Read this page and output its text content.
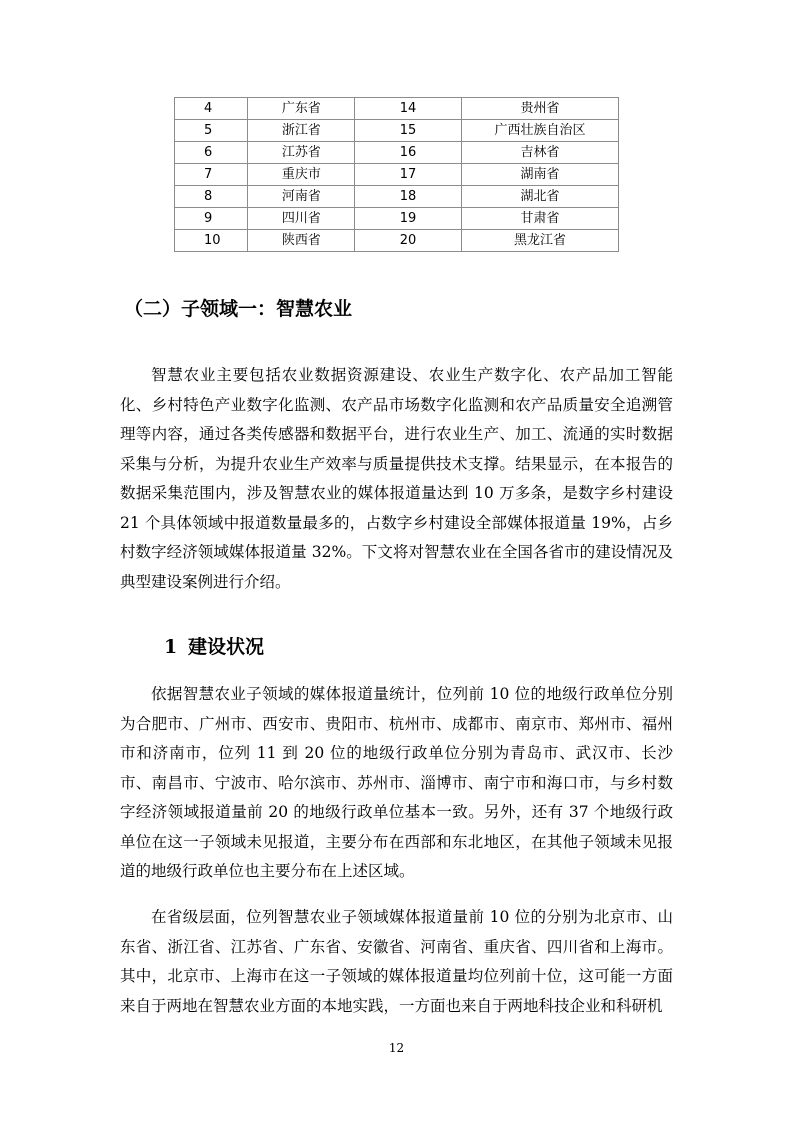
4	广东省	14	贵州省
5	浙江省	15	广西壮族自治区
6	江苏省	16	吉林省
7	重庆市	17	湖南省
8	河南省	18	湖北省
9	四川省	19	甘肃省
10	陕西省	20	黑龙江省
（二）子领域一：智慧农业

智慧农业主要包括农业数据资源建设、农业生产数字化、农产品加工智能化、乡村特色产业数字化监测、农产品市场数字化监测和农产品质量安全追溯管理等内容，通过各类传感器和数据平台，进行农业生产、加工、流通的实时数据采集与分析，为提升农业生产效率与质量提供技术支撑。结果显示，在本报告的数据采集范围内，涉及智慧农业的媒体报道量达到 10 万多条，是数字乡村建设 21 个具体领域中报道数量最多的，占数字乡村建设全部媒体报道量 19%，占乡村数字经济领域媒体报道量 32%。下文将对智慧农业在全国各省市的建设情况及典型建设案例进行介绍。

1 建设状况

依据智慧农业子领域的媒体报道量统计，位列前 10 位的地级行政单位分别为合肥市、广州市、西安市、贵阳市、杭州市、成都市、南京市、郑州市、福州市和济南市，位列 11 到 20 位的地级行政单位分别为青岛市、武汉市、长沙市、南昌市、宁波市、哈尔滨市、苏州市、淄博市、南宁市和海口市，与乡村数字经济领域报道量前 20 的地级行政单位基本一致。另外，还有 37 个地级行政单位在这一子领域未见报道，主要分布在西部和东北地区，在其他子领域未见报道的地级行政单位也主要分布在上述区域。

在省级层面，位列智慧农业子领域媒体报道量前 10 位的分别为北京市、山东省、浙江省、江苏省、广东省、安徽省、河南省、重庆省、四川省和上海市。其中，北京市、上海市在这一子领域的媒体报道量均位列前十位，这可能一方面来自于两地在智慧农业方面的本地实践，一方面也来自于两地科技企业和科研机

12
